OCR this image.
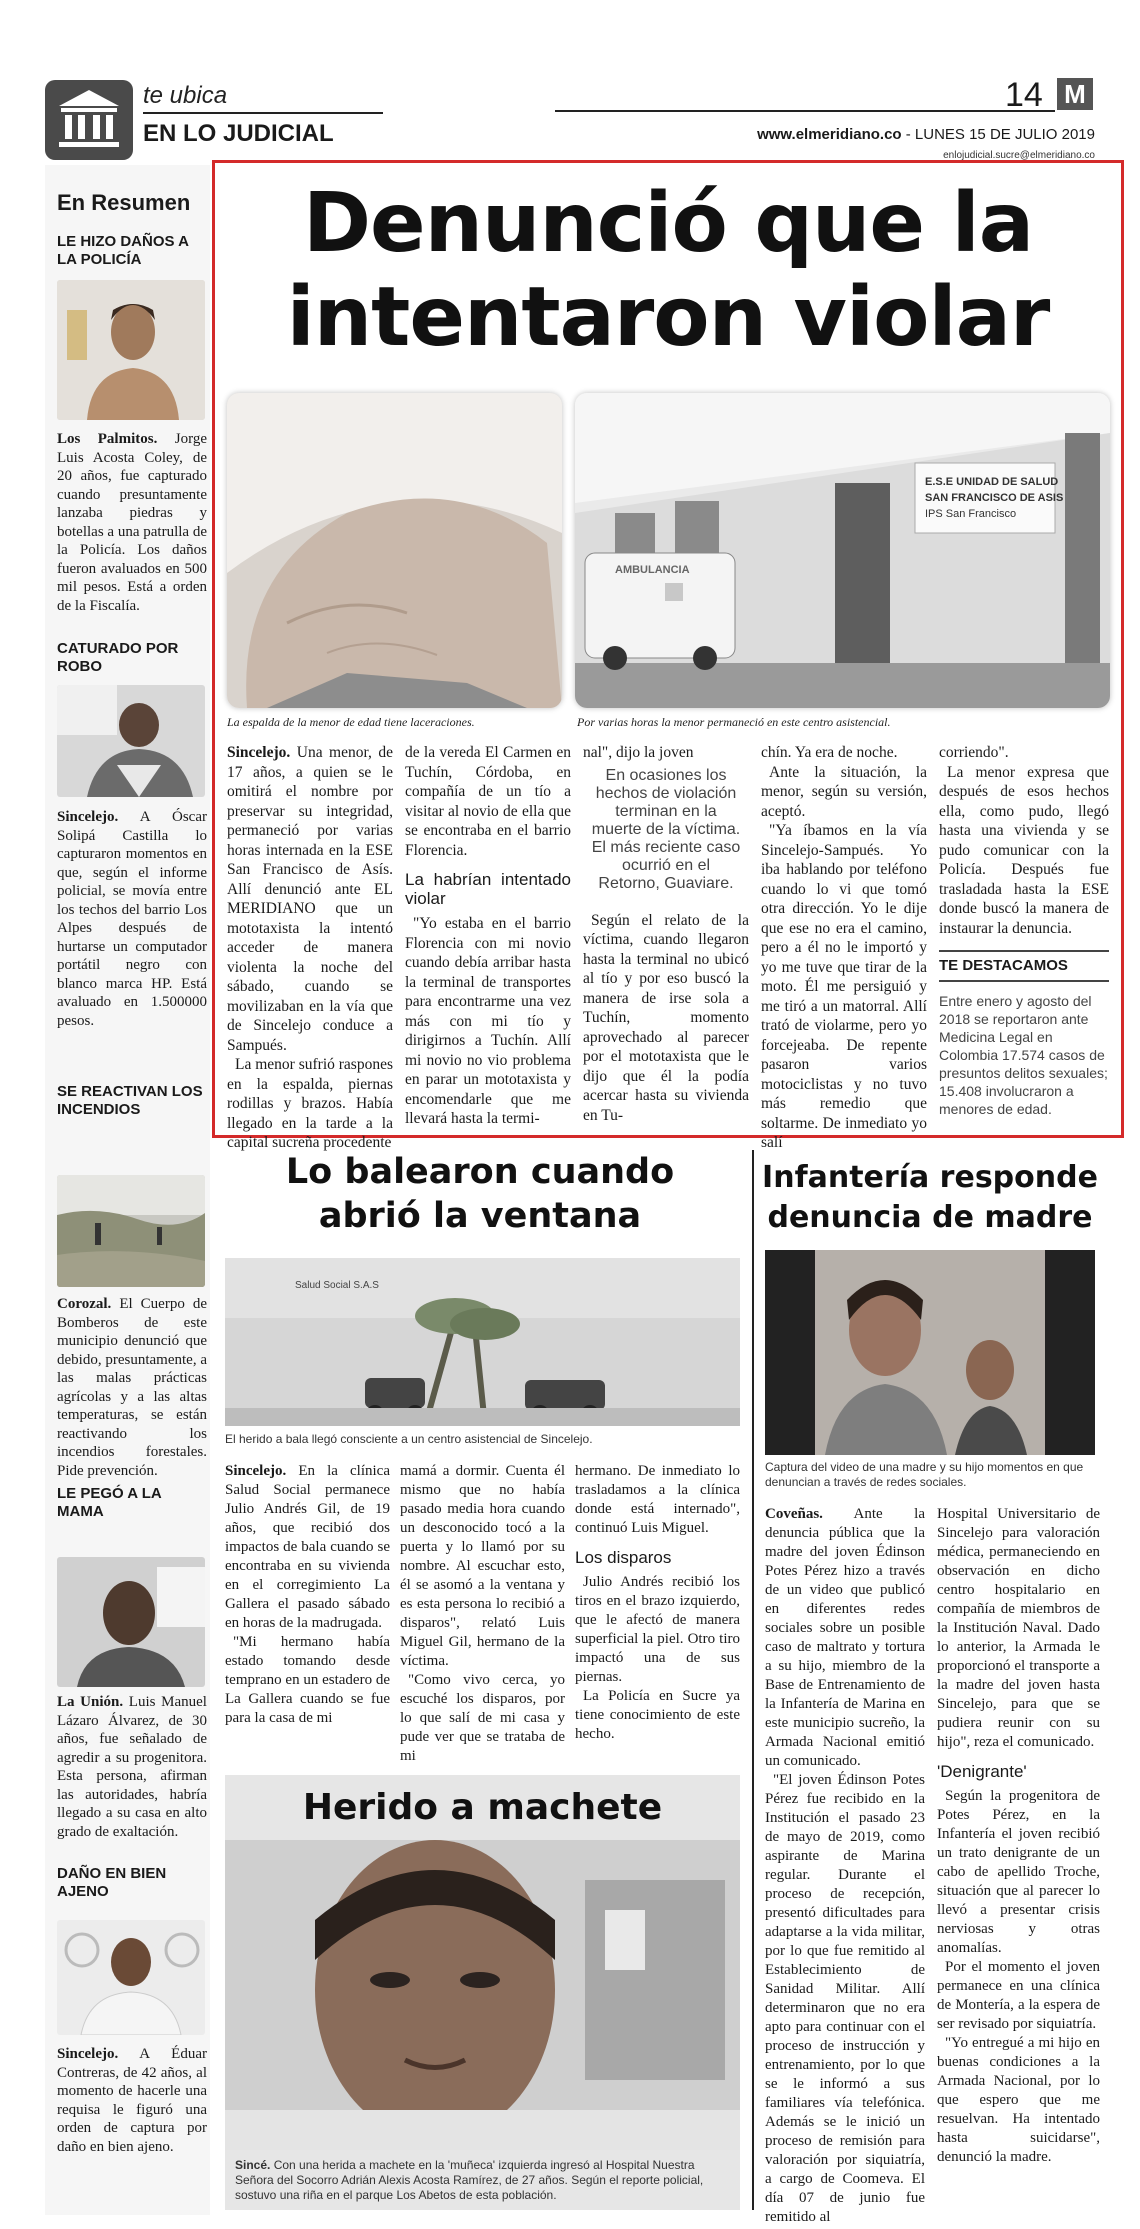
te ubica
EN LO JUDICIAL
14 M
www.elmeridiano.co - LUNES 15 DE JULIO 2019
enlojudicial.sucre@elmeridiano.co
En Resumen
LE HIZO DAÑOS A LA POLICÍA
Los Palmitos. Jorge Luis Acosta Coley, de 20 años, fue capturado cuando presuntamente lanzaba piedras y botellas a una patrulla de la Policía. Los daños fueron avaluados en 500 mil pesos. Está a orden de la Fiscalía.
CATURADO POR ROBO
Sincelejo. A Óscar Solipá Castilla lo capturaron momentos en que, según el informe policial, se movía entre los techos del barrio Los Alpes después de hurtarse un computador portátil negro con blanco marca HP. Está avaluado en 1.500000 pesos.
SE REACTIVAN LOS INCENDIOS
Corozal. El Cuerpo de Bomberos de este municipio denunció que debido, presuntamente, a las malas prácticas agrícolas y a las altas temperaturas, se están reactivando los incendios forestales. Pide prevención.
LE PEGÓ A LA MAMA
La Unión. Luis Manuel Lázaro Álvarez, de 30 años, fue señalado de agredir a su progenitora. Esta persona, afirman las autoridades, habría llegado a su casa en alto grado de exaltación.
DAÑO EN BIEN AJENO
Sincelejo. A Éduar Contreras, de 42 años, al momento de hacerle una requisa le figuró una orden de captura por daño en bien ajeno.
Denunció que la
intentaron violar
E.S.E UNIDAD DE SALUD
SAN FRANCISCO DE ASIS
IPS San Francisco
AMBULANCIA
La espalda de la menor de edad tiene laceraciones.	Por varias horas la menor permaneció en este centro asistencial.

Sincelejo. Una menor, de 17 años, a quien se le omitirá el nombre por preservar su integridad, permaneció por varias horas internada en la ESE San Francisco de Asís. Allí denunció ante EL MERIDIANO que un mototaxista la intentó acceder de manera violenta la noche del sábado, cuando se movilizaban en la vía que de Sincelejo conduce a Sampués.

La menor sufrió raspones en la espalda, piernas rodillas y brazos. Había llegado en la tarde a la capital sucreña procedente

de la vereda El Carmen en Tuchín, Córdoba, en compañía de un tío a visitar al novio de ella que se encontraba en el barrio Florencia.

La habrían intentado violar

"Yo estaba en el barrio Florencia con mi novio cuando debía arribar hasta la terminal de transportes para encontrarme una vez más con mi tío y dirigirnos a Tuchín. Allí mi novio no vio problema en parar un mototaxista y encomendarle que me llevará hasta la termi-

nal", dijo la joven

En ocasiones los hechos de violación terminan en la muerte de la víctima. El más reciente caso ocurrió en el Retorno, Guaviare.

Según el relato de la víctima, cuando llegaron hasta la terminal no ubicó al tío y por eso buscó la manera de irse sola a Tuchín, momento aprovechado al parecer por el mototaxista que le dijo que él la podía acercar hasta su vivienda en Tu-

chín. Ya era de noche.

Ante la situación, la menor, según su versión, aceptó.

"Ya íbamos en la vía Sincelejo-Sampués. Yo iba hablando por teléfono cuando lo vi que tomó otra dirección. Yo le dije que ese no era el camino, pero a él no le importó y yo me tuve que tirar de la moto. Él me persiguió y me tiró a un matorral. Allí trató de violarme, pero yo forcejeaba. De repente pasaron varios motociclistas y no tuvo más remedio que soltarme. De inmediato yo salí

corriendo".

La menor expresa que después de esos hechos ella, como pudo, llegó hasta una vivienda y se pudo comunicar con la Policía. Después fue trasladada hasta la ESE donde buscó la manera de instaurar la denuncia.

TE DESTACAMOS
Entre enero y agosto del 2018 se reportaron ante Medicina Legal en Colombia 17.574 casos de presuntos delitos sexuales; 15.408 involucraron a menores de edad.
Lo balearon cuando
abrió la ventana
Salud Social S.A.S
El herido a bala llegó consciente a un centro asistencial de Sincelejo.

Sincelejo. En la clínica Salud Social permanece Julio Andrés Gil, de 19 años, que recibió dos impactos de bala cuando se encontraba en su vivienda en el corregimiento La Gallera el pasado sábado en horas de la madrugada.

"Mi hermano había estado tomando desde temprano en un estadero de La Gallera cuando se fue para la casa de mi

mamá a dormir. Cuenta él mismo que no había pasado media hora cuando un desconocido tocó a la puerta y lo llamó por su nombre. Al escuchar esto, él se asomó a la ventana y es esta persona lo recibió a disparos", relató Luis Miguel Gil, hermano de la víctima.

"Como vivo cerca, yo escuché los disparos, por lo que salí de mi casa y pude ver que se trataba de mi

hermano. De inmediato lo trasladamos a la clínica donde está internado", continuó Luis Miguel.

Los disparos

Julio Andrés recibió los tiros en el brazo izquierdo, que le afectó de manera superficial la piel. Otro tiro impactó una de sus piernas.

La Policía en Sucre ya tiene conocimiento de este hecho.

Herido a machete
Sincé. Con una herida a machete en la 'muñeca' izquierda ingresó al Hospital Nuestra Señora del Socorro Adrián Alexis Acosta Ramírez, de 27 años. Según el reporte policial, sostuvo una riña en el parque Los Abetos de esta población.
Infantería responde
denuncia de madre
Captura del video de una madre y su hijo momentos en que denuncian a través de redes sociales.

Coveñas. Ante la denuncia pública que la madre del joven Édinson Potes Pérez hizo a través de un video que publicó en diferentes redes sociales sobre un posible caso de maltrato y tortura a su hijo, miembro de la Base de Entrenamiento de la Infantería de Marina en este municipio sucreño, la Armada Nacional emitió un comunicado.

"El joven Édinson Potes Pérez fue recibido en la Institución el pasado 23 de mayo de 2019, como aspirante de Marina regular. Durante el proceso de recepción, presentó dificultades para adaptarse a la vida militar, por lo que fue remitido al Establecimiento de Sanidad Militar. Allí determinaron que no era apto para continuar con el proceso de instrucción y entrenamiento, por lo que se le informó a sus familiares vía telefónica. Además se le inició un proceso de remisión para valoración por siquiatría, a cargo de Coomeva. El día 07 de junio fue remitido al

Hospital Universitario de Sincelejo para valoración médica, permaneciendo en observación en dicho centro hospitalario en compañía de miembros de la Institución Naval. Dado lo anterior, la Armada le proporcionó el transporte a la madre del joven hasta Sincelejo, para que se pudiera reunir con su hijo", reza el comunicado.

'Denigrante'

Según la progenitora de Potes Pérez, en la Infantería el joven recibió un trato denigrante de un cabo de apellido Troche, situación que al parecer lo llevó a presentar crisis nerviosas y otras anomalías.

Por el momento el joven permanece en una clínica de Montería, a la espera de ser revisado por siquiatría.

"Yo entregué a mi hijo en buenas condiciones a la Armada Nacional, por lo que espero que me resuelvan. Ha intentado hasta suicidarse", denunció la madre.
